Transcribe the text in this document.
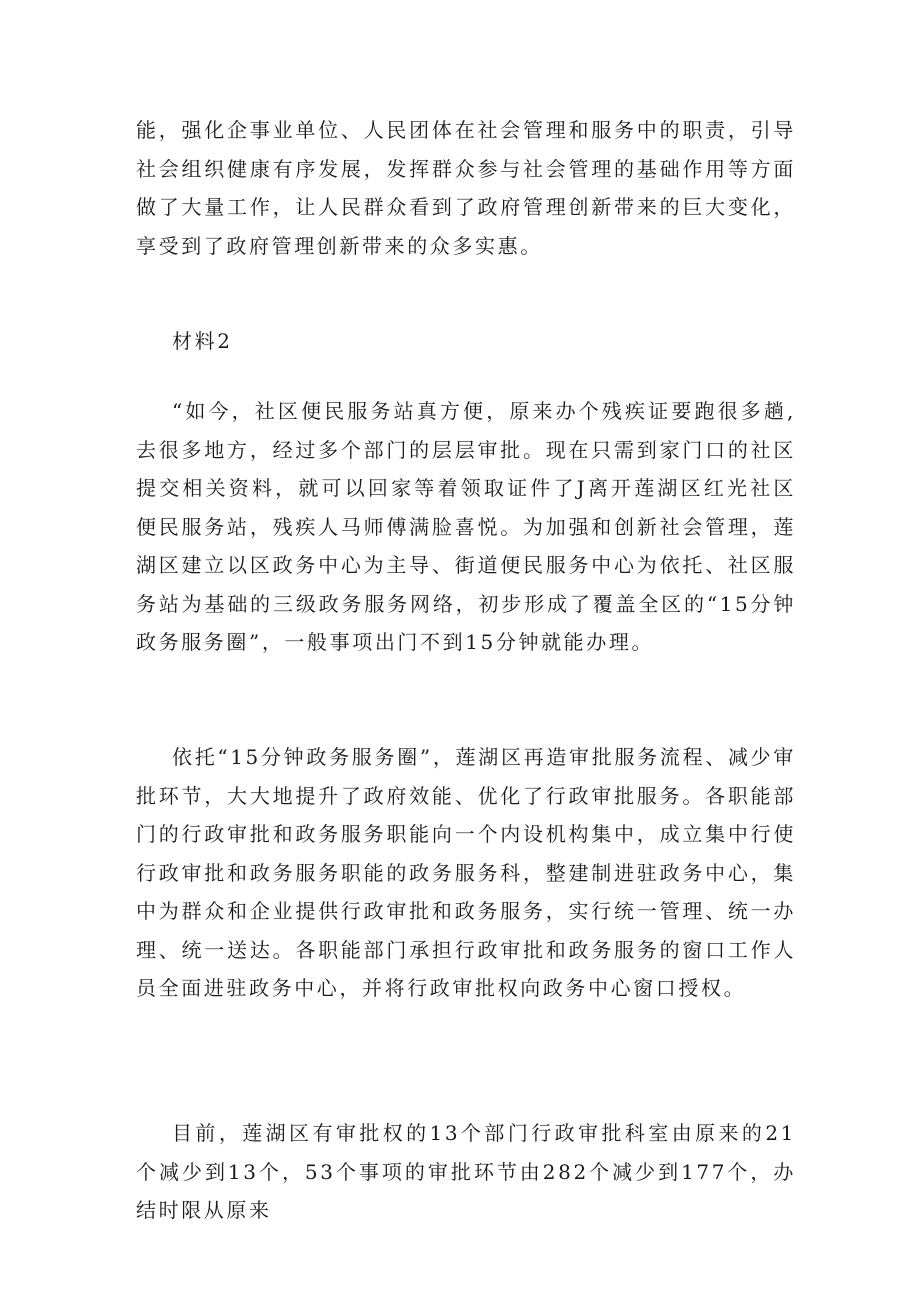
能，强化企事业单位、人民团体在社会管理和服务中的职责，引导社会组织健康有序发展，发挥群众参与社会管理的基础作用等方面做了大量工作，让人民群众看到了政府管理创新带来的巨大变化，享受到了政府管理创新带来的众多实惠。

材料2

“如今，社区便民服务站真方便，原来办个残疾证要跑很多趟,去很多地方，经过多个部门的层层审批。现在只需到家门口的社区提交相关资料，就可以回家等着领取证件了J离开莲湖区红光社区便民服务站，残疾人马师傅满脸喜悦。为加强和创新社会管理，莲湖区建立以区政务中心为主导、街道便民服务中心为依托、社区服务站为基础的三级政务服务网络，初步形成了覆盖全区的“15分钟政务服务圈”，一般事项出门不到15分钟就能办理。

依托“15分钟政务服务圈”，莲湖区再造审批服务流程、减少审批环节，大大地提升了政府效能、优化了行政审批服务。各职能部门的行政审批和政务服务职能向一个内设机构集中，成立集中行使行政审批和政务服务职能的政务服务科，整建制进驻政务中心，集中为群众和企业提供行政审批和政务服务，实行统一管理、统一办理、统一送达。各职能部门承担行政审批和政务服务的窗口工作人员全面进驻政务中心，并将行政审批权向政务中心窗口授权。

目前，莲湖区有审批权的13个部门行政审批科室由原来的21个减少到13个，53个事项的审批环节由282个减少到177个，办结时限从原来
